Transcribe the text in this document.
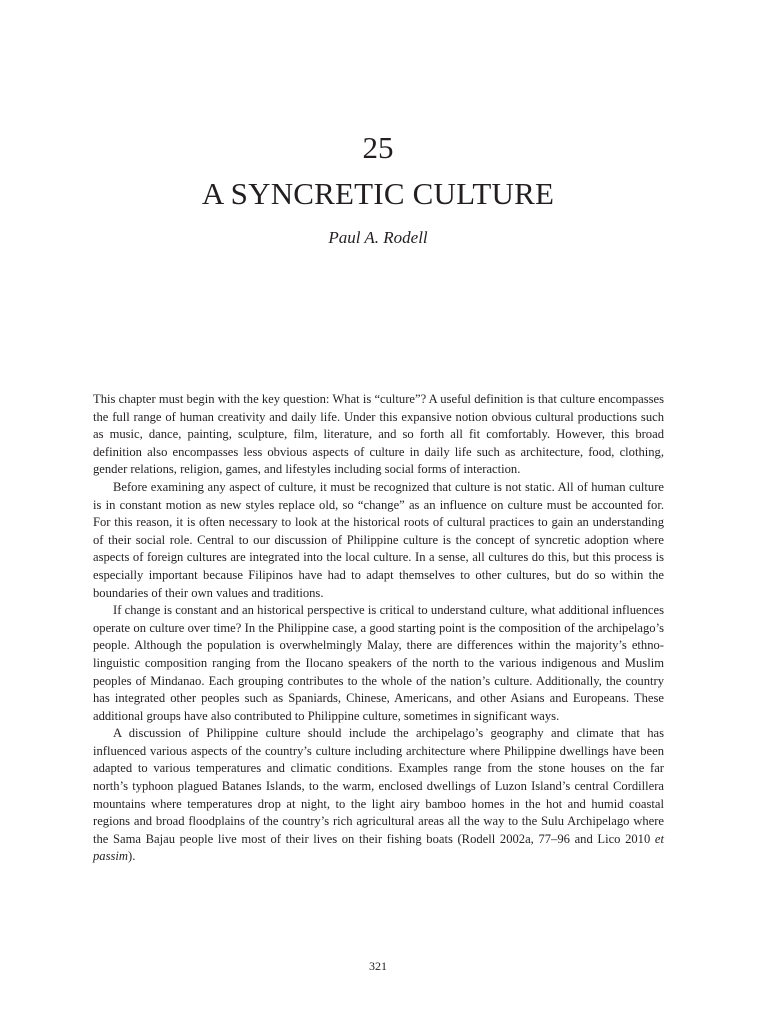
25
A SYNCRETIC CULTURE
Paul A. Rodell

This chapter must begin with the key question: What is “culture”? A useful definition is that culture encompasses the full range of human creativity and daily life. Under this expansive notion obvious cultural productions such as music, dance, painting, sculpture, film, literature, and so forth all fit comfortably. However, this broad definition also encompasses less obvious aspects of culture in daily life such as architecture, food, clothing, gender relations, religion, games, and lifestyles including social forms of interaction.

Before examining any aspect of culture, it must be recognized that culture is not static. All of human culture is in constant motion as new styles replace old, so “change” as an influence on culture must be accounted for. For this reason, it is often necessary to look at the historical roots of cultural practices to gain an understanding of their social role. Central to our discussion of Philippine culture is the concept of syncretic adoption where aspects of foreign cultures are integrated into the local culture. In a sense, all cultures do this, but this process is especially important because Filipinos have had to adapt themselves to other cultures, but do so within the boundaries of their own values and traditions.

If change is constant and an historical perspective is critical to understand culture, what additional influences operate on culture over time? In the Philippine case, a good starting point is the composition of the archipelago’s people. Although the population is overwhelmingly Malay, there are differences within the majority’s ethno-linguistic composition ranging from the Ilocano speakers of the north to the various indigenous and Muslim peoples of Mindanao. Each grouping contributes to the whole of the nation’s culture. Additionally, the country has integrated other peoples such as Spaniards, Chinese, Americans, and other Asians and Europeans. These additional groups have also contributed to Philippine culture, sometimes in significant ways.

A discussion of Philippine culture should include the archipelago’s geography and climate that has influenced various aspects of the country’s culture including architecture where Philippine dwellings have been adapted to various temperatures and climatic conditions. Examples range from the stone houses on the far north’s typhoon plagued Batanes Islands, to the warm, enclosed dwellings of Luzon Island’s central Cordillera mountains where temperatures drop at night, to the light airy bamboo homes in the hot and humid coastal regions and broad floodplains of the country’s rich agricultural areas all the way to the Sulu Archipelago where the Sama Bajau people live most of their lives on their fishing boats (Rodell 2002a, 77–96 and Lico 2010 et passim).

321
